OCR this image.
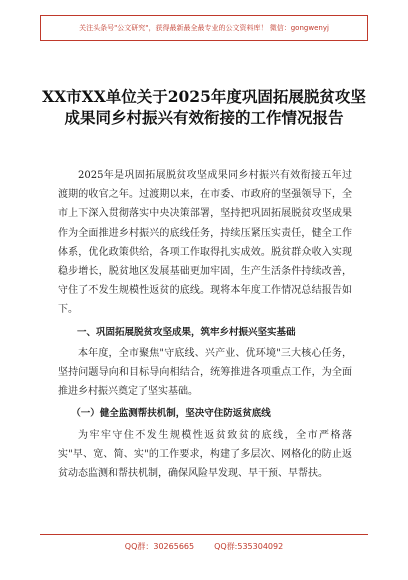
关注头条号"公文研究"，获得最新最全最专业的公文资料库！ 微信：gongwenyj
XX市XX单位关于2025年度巩固拓展脱贫攻坚成果同乡村振兴有效衔接的工作情况报告

2025年是巩固拓展脱贫攻坚成果同乡村振兴有效衔接五年过渡期的收官之年。过渡期以来，在市委、市政府的坚强领导下，全市上下深入贯彻落实中央决策部署，坚持把巩固拓展脱贫攻坚成果作为全面推进乡村振兴的底线任务，持续压紧压实责任，健全工作体系，优化政策供给，各项工作取得扎实成效。脱贫群众收入实现稳步增长，脱贫地区发展基础更加牢固，生产生活条件持续改善，守住了不发生规模性返贫的底线。现将本年度工作情况总结报告如下。

一、巩固拓展脱贫攻坚成果，筑牢乡村振兴坚实基础

本年度，全市聚焦"守底线、兴产业、优环境"三大核心任务，坚持问题导向和目标导向相结合，统筹推进各项重点工作，为全面推进乡村振兴奠定了坚实基础。

（一）健全监测帮扶机制，坚决守住防返贫底线

为牢牢守住不发生规模性返贫致贫的底线，全市严格落实"早、宽、简、实"的工作要求，构建了多层次、网格化的防止返贫动态监测和帮扶机制，确保风险早发现、早干预、早帮扶。

QQ群：30265665	QQ群:535304092
